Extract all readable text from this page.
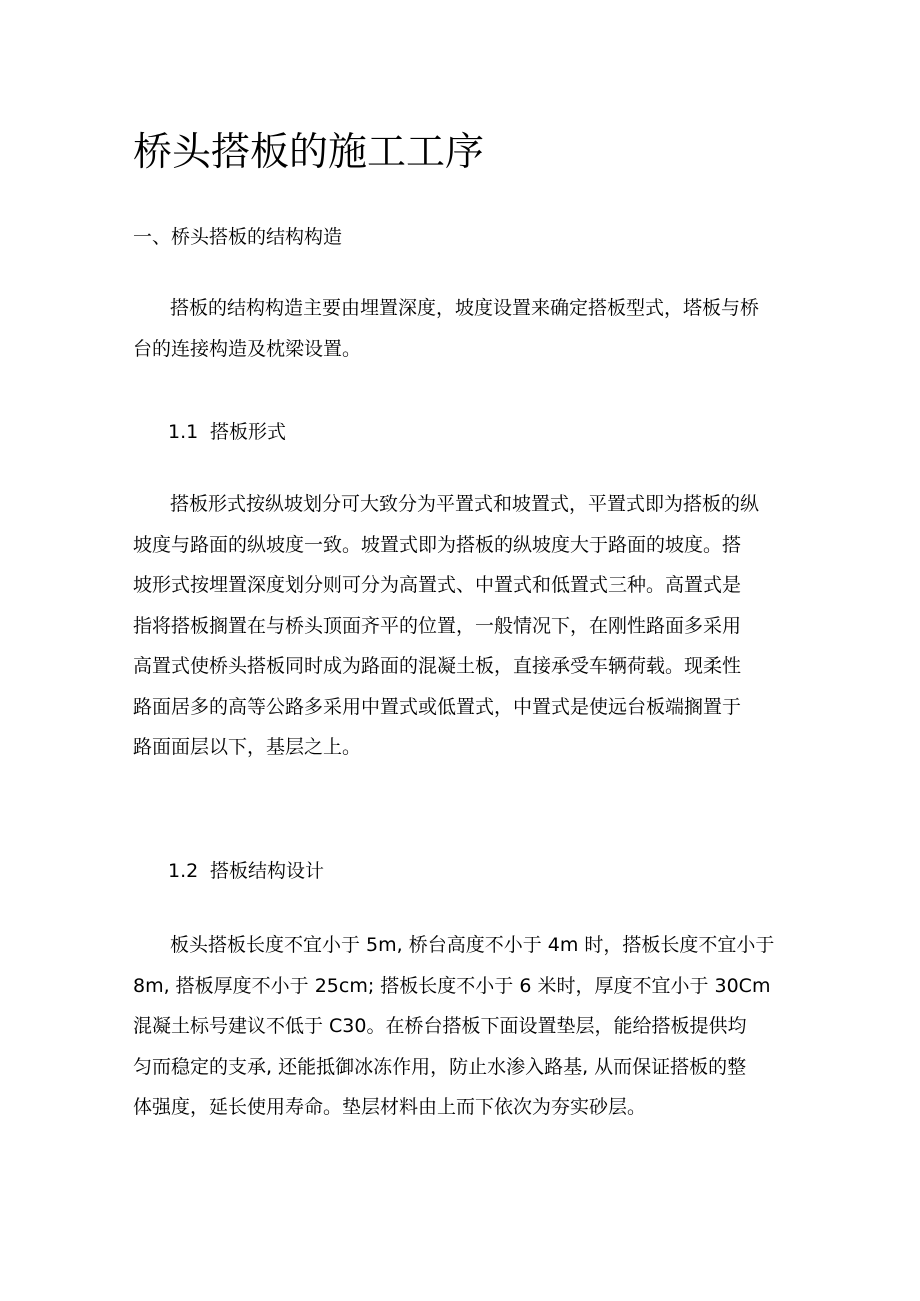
桥头搭板的施工工序
一、桥头搭板的结构构造
搭板的结构构造主要由埋置深度，坡度设置来确定搭板型式，塔板与桥
台的连接构造及枕梁设置。
1.1 搭板形式
搭板形式按纵坡划分可大致分为平置式和坡置式，平置式即为搭板的纵
坡度与路面的纵坡度一致。坡置式即为搭板的纵坡度大于路面的坡度。搭
坡形式按埋置深度划分则可分为高置式、中置式和低置式三种。高置式是
指将搭板搁置在与桥头顶面齐平的位置，一般情况下，在刚性路面多采用
高置式使桥头搭板同时成为路面的混凝土板，直接承受车辆荷载。现柔性
路面居多的高等公路多采用中置式或低置式，中置式是使远台板端搁置于
路面面层以下，基层之上。
1.2 搭板结构设计
板头搭板长度不宜小于 5m, 桥台高度不小于 4m 时，搭板长度不宜小于
8m, 搭板厚度不小于 25cm; 搭板长度不小于 6 米时，厚度不宜小于 30Cm
混凝土标号建议不低于 C30。在桥台搭板下面设置垫层，能给搭板提供均
匀而稳定的支承, 还能抵御冰冻作用，防止水渗入路基, 从而保证搭板的整
体强度，延长使用寿命。垫层材料由上而下依次为夯实砂层。
